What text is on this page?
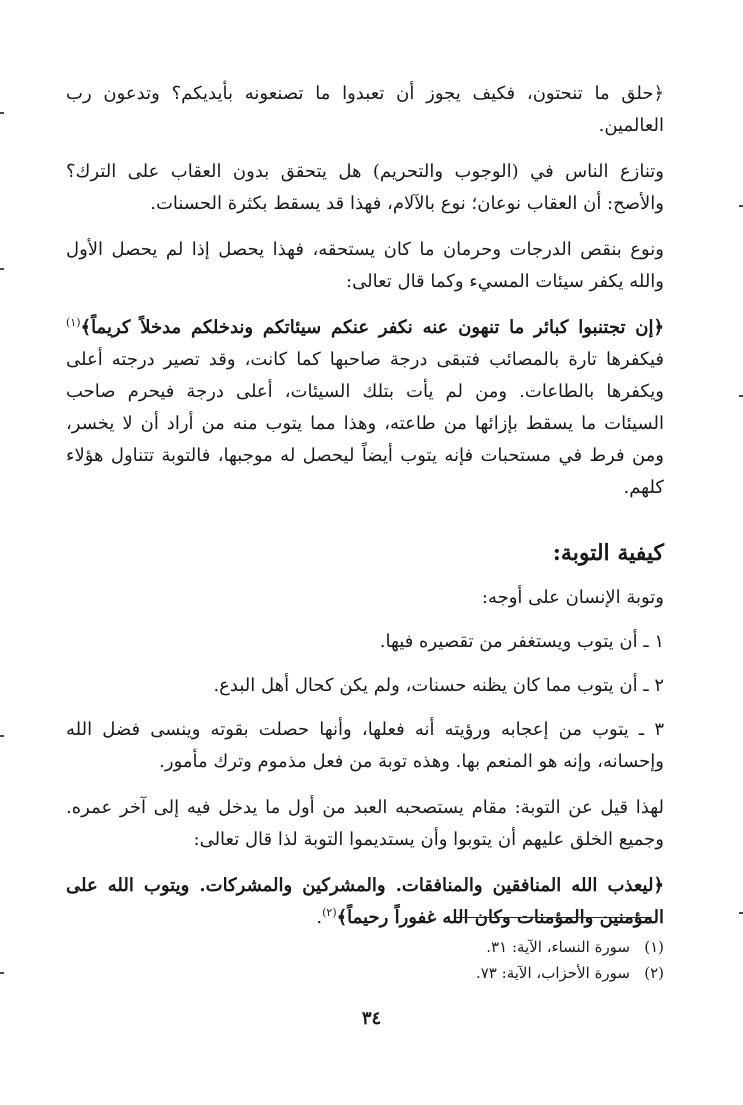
﴿حلق ما تنحتون، فكيف يجوز أن تعبدوا ما تصنعونه بأيديكم؟ وتدعون رب العالمين.

وتنازع الناس في (الوجوب والتحريم) هل يتحقق بدون العقاب على الترك؟ والأصح: أن العقاب نوعان؛ نوع بالآلام، فهذا قد يسقط بكثرة الحسنات.

ونوع بنقص الدرجات وحرمان ما كان يستحقه، فهذا يحصل إذا لم يحصل الأول والله يكفر سيئات المسيء وكما قال تعالى:

﴿إن تجتنبوا كبائر ما تنهون عنه نكفر عنكم سيئاتكم وندخلكم مدخلاً كريماً﴾$^{(١)}$ فيكفرها تارة بالمصائب فتبقى درجة صاحبها كما كانت، وقد تصير درجته أعلى ويكفرها بالطاعات. ومن لم يأت بتلك السيئات، أعلى درجة فيحرم صاحب السيئات ما يسقط بإزائها من طاعته، وهذا مما يتوب منه من أراد أن لا يخسر، ومن فرط في مستحبات فإنه يتوب أيضاً ليحصل له موجبها، فالتوبة تتناول هؤلاء كلهم.

كيفية التوبة:

وتوبة الإنسان على أوجه:

١ ـ أن يتوب ويستغفر من تقصيره فيها.

٢ ـ أن يتوب مما كان يظنه حسنات، ولم يكن كحال أهل البدع.

٣ ـ يتوب من إعجابه ورؤيته أنه فعلها، وأنها حصلت بقوته وينسى فضل الله وإحسانه، وإنه هو المنعم بها. وهذه توبة من فعل مذموم وترك مأمور.

لهذا قيل عن التوبة: مقام يستصحبه العبد من أول ما يدخل فيه إلى آخر عمره. وجميع الخلق عليهم أن يتوبوا وأن يستديموا التوبة لذا قال تعالى:

﴿ليعذب الله المنافقين والمنافقات. والمشركين والمشركات. ويتوب الله على المؤمنين والمؤمنات وكان الله غفوراً رحيماً﴾$^{(٢)}$.

(١)سورة النساء، الآية: ٣١.

(٢)سورة الأحزاب، الآية: ٧٣.

٣٤
